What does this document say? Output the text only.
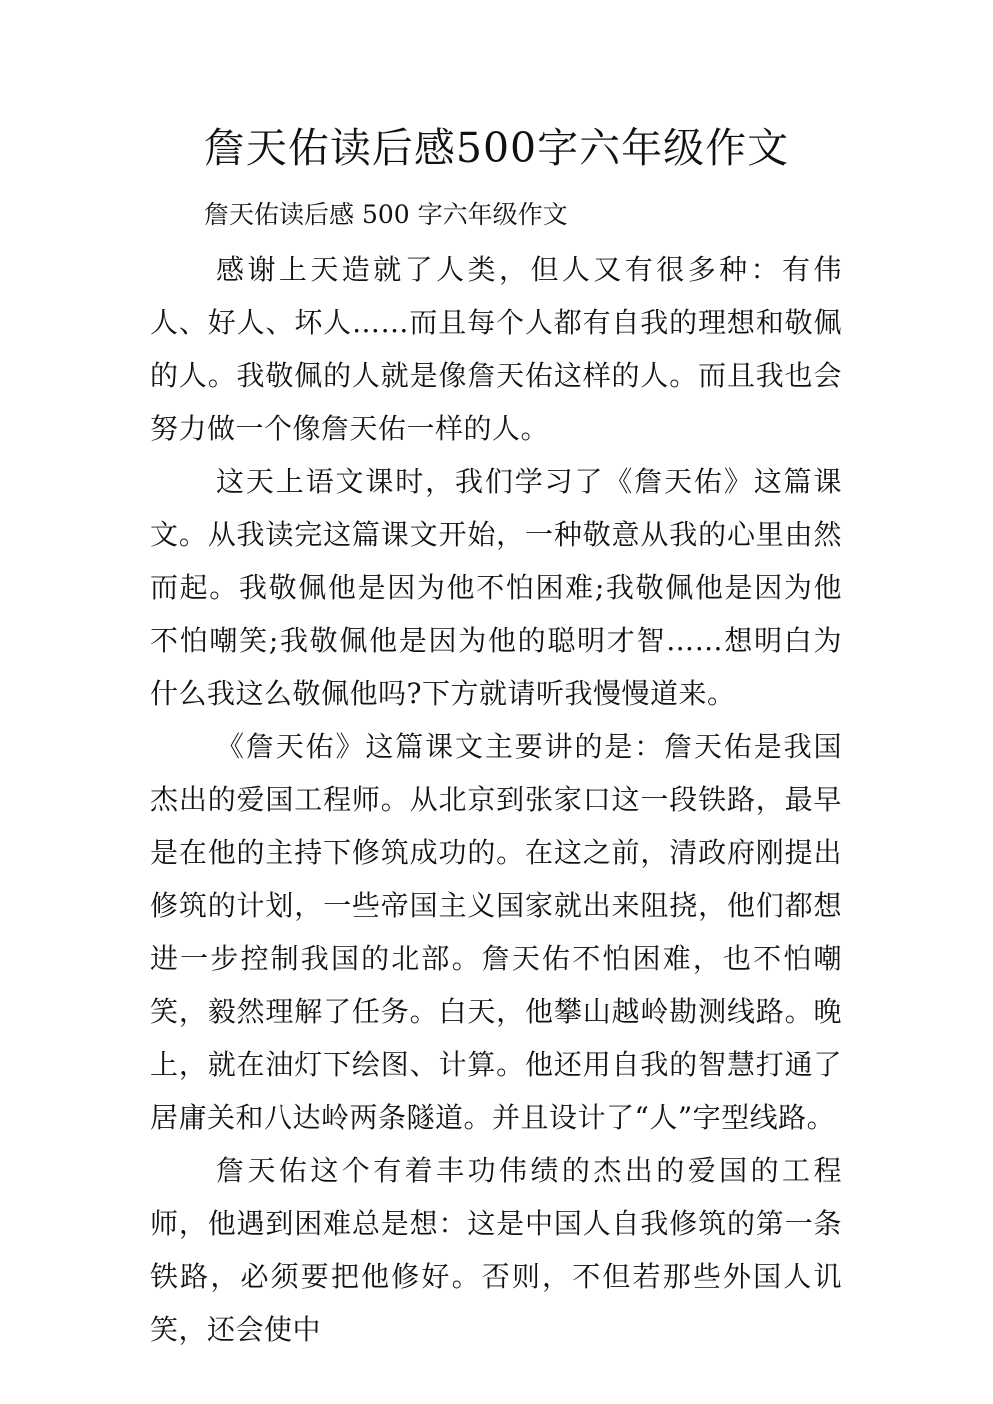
詹天佑读后感500字六年级作文

詹天佑读后感 500 字六年级作文

感谢上天造就了人类，但人又有很多种：有伟人、好人、坏人……而且每个人都有自我的理想和敬佩的人。我敬佩的人就是像詹天佑这样的人。而且我也会努力做一个像詹天佑一样的人。

这天上语文课时，我们学习了《詹天佑》这篇课文。从我读完这篇课文开始，一种敬意从我的心里由然而起。我敬佩他是因为他不怕困难;我敬佩他是因为他不怕嘲笑;我敬佩他是因为他的聪明才智……想明白为什么我这么敬佩他吗?下方就请听我慢慢道来。

《詹天佑》这篇课文主要讲的是：詹天佑是我国杰出的爱国工程师。从北京到张家口这一段铁路，最早是在他的主持下修筑成功的。在这之前，清政府刚提出修筑的计划，一些帝国主义国家就出来阻挠，他们都想进一步控制我国的北部。詹天佑不怕困难，也不怕嘲笑，毅然理解了任务。白天，他攀山越岭勘测线路。晚上，就在油灯下绘图、计算。他还用自我的智慧打通了居庸关和八达岭两条隧道。并且设计了“人”字型线路。

詹天佑这个有着丰功伟绩的杰出的爱国的工程师，他遇到困难总是想：这是中国人自我修筑的第一条铁路，必须要把他修好。否则，不但若那些外国人讥笑，还会使中
